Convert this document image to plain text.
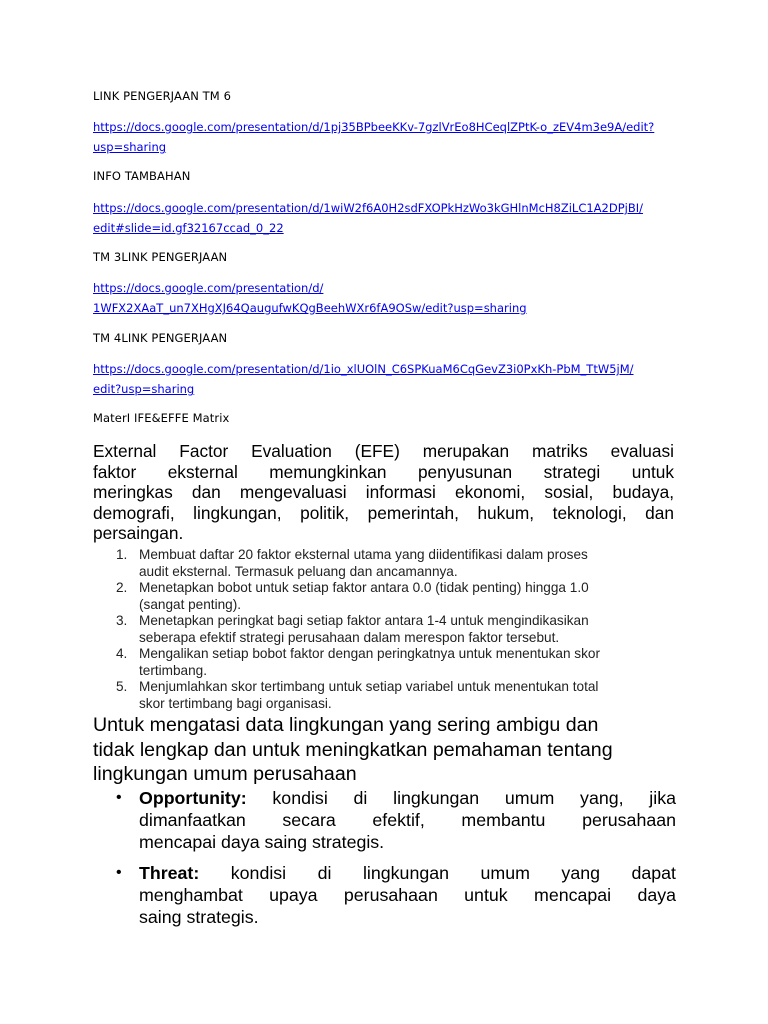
LINK PENGERJAAN TM 6
https://docs.google.com/presentation/d/1pj35BPbeeKKv-7gzlVrEo8HCeqlZPtK-o_zEV4m3e9A/edit?
usp=sharing
INFO TAMBAHAN
https://docs.google.com/presentation/d/1wiW2f6A0H2sdFXOPkHzWo3kGHlnMcH8ZiLC1A2DPjBI/
edit#slide=id.gf32167ccad_0_22
TM 3LINK PENGERJAAN
https://docs.google.com/presentation/d/
1WFX2XAaT_un7XHgXJ64QaugufwKQgBeehWXr6fA9OSw/edit?usp=sharing
TM 4LINK PENGERJAAN
https://docs.google.com/presentation/d/1io_xlUOlN_C6SPKuaM6CqGevZ3i0PxKh-PbM_TtW5jM/
edit?usp=sharing
MaterI IFE&EFFE Matrix
External Factor Evaluation (EFE) merupakan matriks evaluasi
faktor eksternal memungkinkan penyusunan strategi untuk
meringkas dan mengevaluasi informasi ekonomi, sosial, budaya,
demografi, lingkungan, politik, pemerintah, hukum, teknologi, dan
persaingan.
1. Membuat daftar 20 faktor eksternal utama yang diidentifikasi dalam proses
audit eksternal. Termasuk peluang dan ancamannya.
2. Menetapkan bobot untuk setiap faktor antara 0.0 (tidak penting) hingga 1.0
(sangat penting).
3. Menetapkan peringkat bagi setiap faktor antara 1-4 untuk mengindikasikan
seberapa efektif strategi perusahaan dalam merespon faktor tersebut.
4. Mengalikan setiap bobot faktor dengan peringkatnya untuk menentukan skor
tertimbang.
5. Menjumlahkan skor tertimbang untuk setiap variabel untuk menentukan total
skor tertimbang bagi organisasi.
Untuk mengatasi data lingkungan yang sering ambigu dan
tidak lengkap dan untuk meningkatkan pemahaman tentang
lingkungan umum perusahaan
• Opportunity: kondisi di lingkungan umum yang, jika
dimanfaatkan secara efektif, membantu perusahaan
mencapai daya saing strategis.
• Threat: kondisi di lingkungan umum yang dapat
menghambat upaya perusahaan untuk mencapai daya
saing strategis.
